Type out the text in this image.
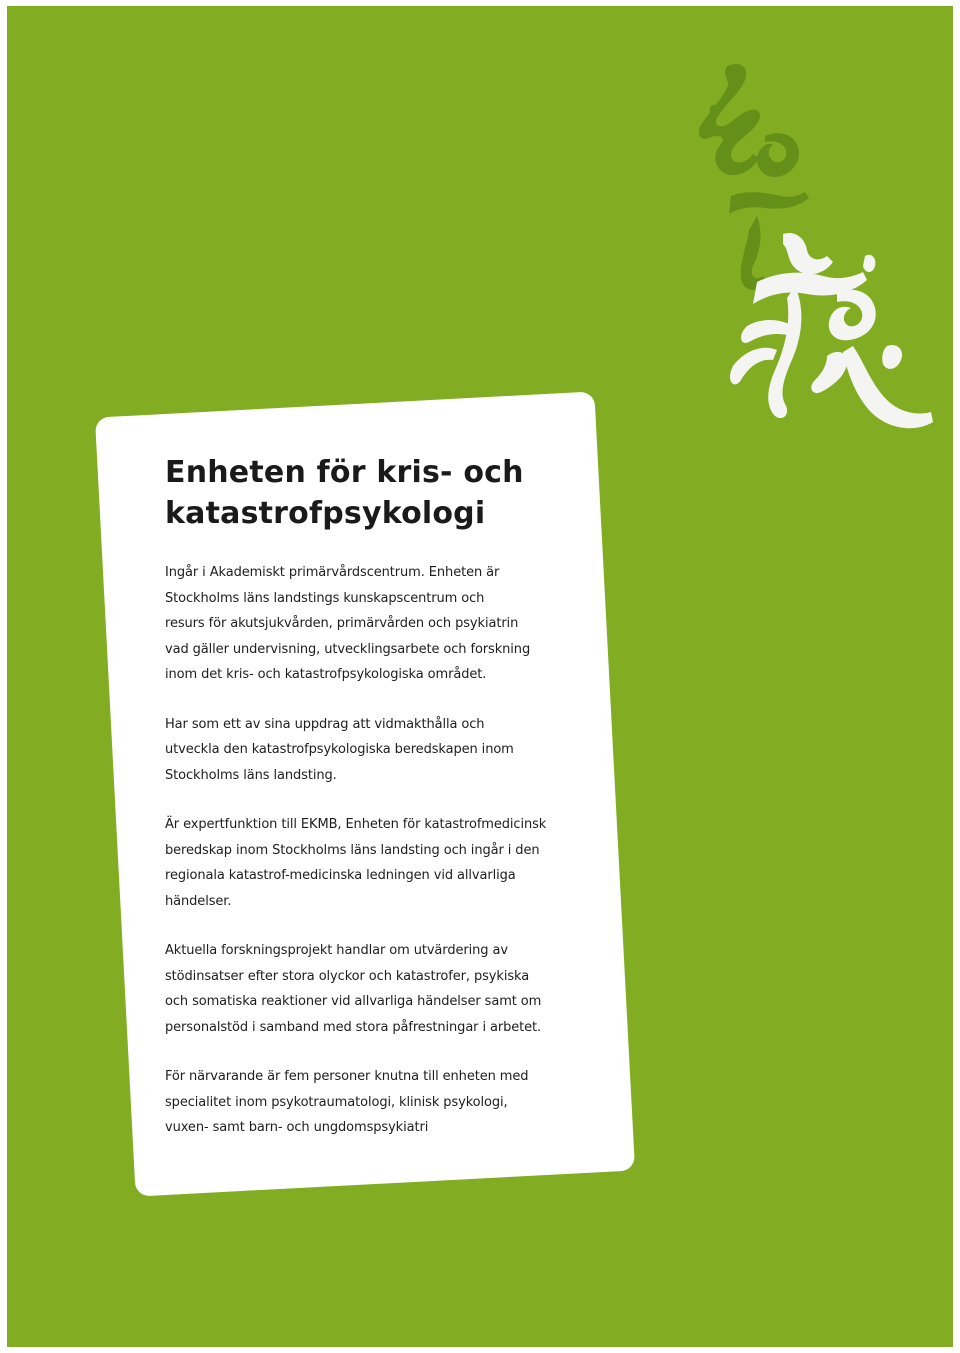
Enheten för kris- och
katastrofpsykologi
Ingår i Akademiskt primärvårdscentrum. Enheten är
Stockholms läns landstings kunskapscentrum och
resurs för akutsjukvården, primärvården och psykiatrin
vad gäller undervisning, utvecklingsarbete och forskning
inom det kris- och katastrofpsykologiska området.
Har som ett av sina uppdrag att vidmakthålla och
utveckla den katastrofpsykologiska beredskapen inom
Stockholms läns landsting.
Är expertfunktion till EKMB, Enheten för katastrofmedicinsk
beredskap inom Stockholms läns landsting och ingår i den
regionala katastrof-medicinska ledningen vid allvarliga
händelser.
Aktuella forskningsprojekt handlar om utvärdering av
stödinsatser efter stora olyckor och katastrofer, psykiska
och somatiska reaktioner vid allvarliga händelser samt om
personalstöd i samband med stora påfrestningar i arbetet.
För närvarande är fem personer knutna till enheten med
specialitet inom psykotraumatologi, klinisk psykologi,
vuxen- samt barn- och ungdomspsykiatri
